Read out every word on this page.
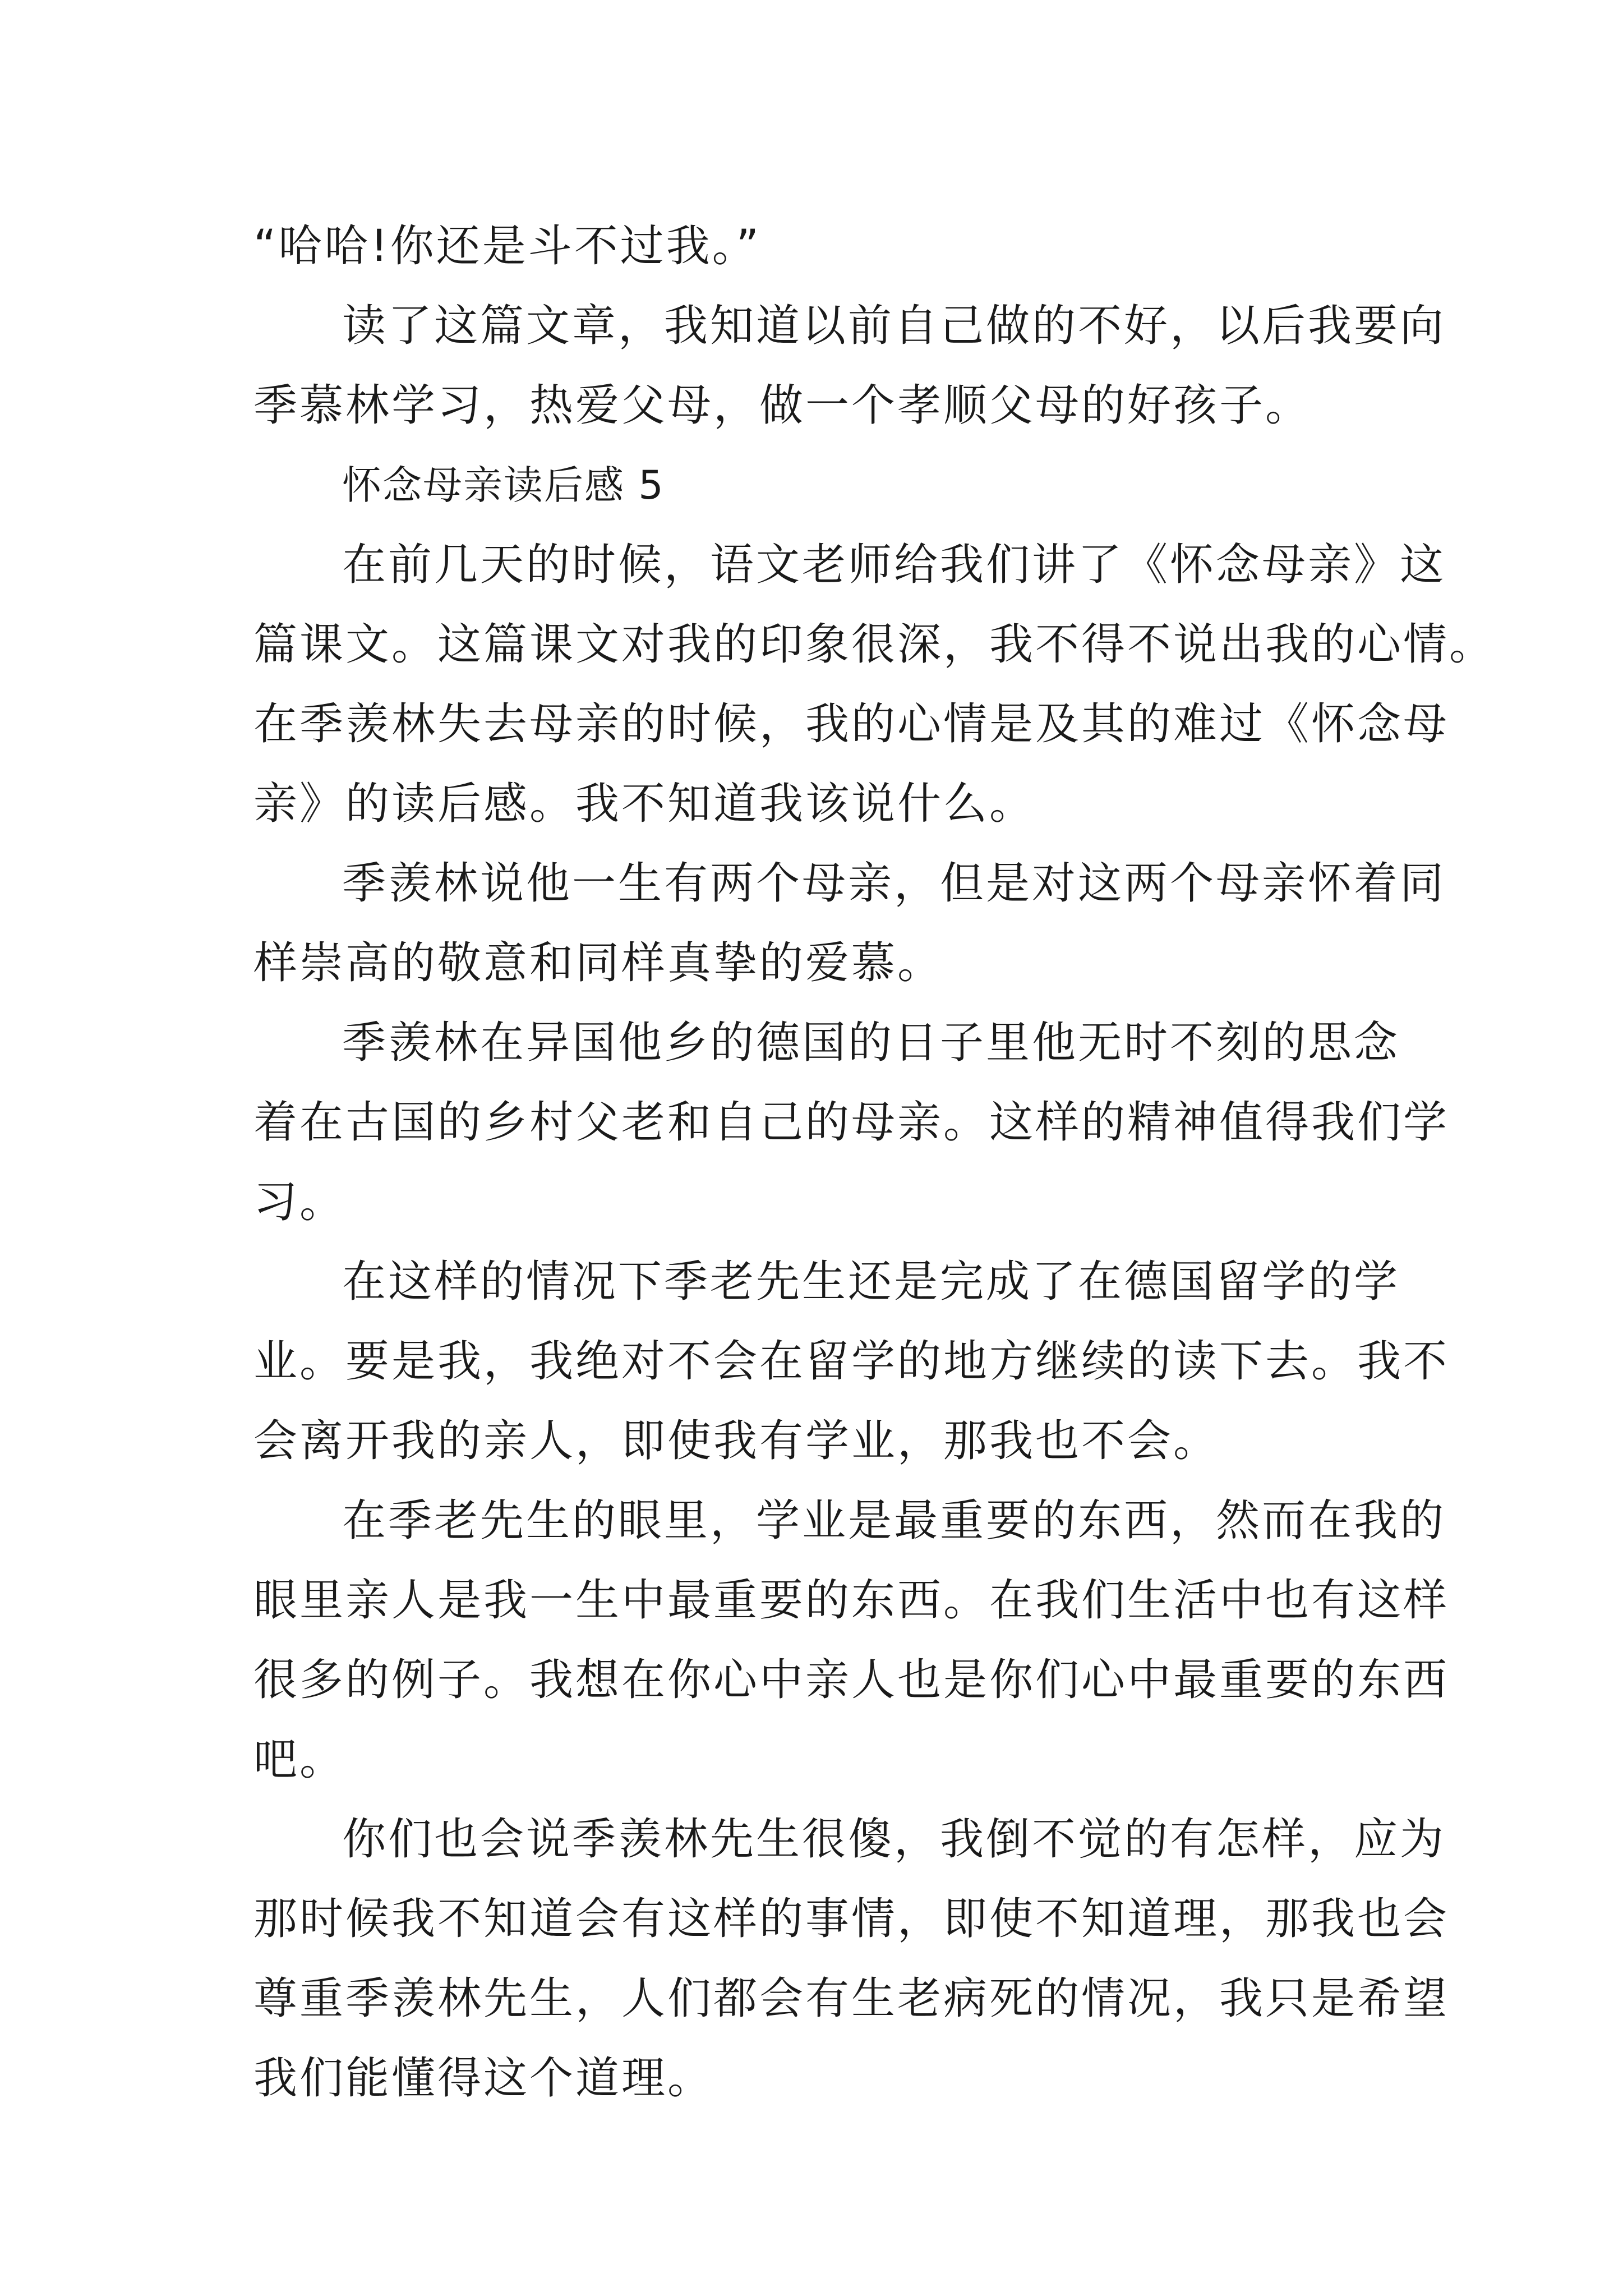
“哈哈!你还是斗不过我。”
读了这篇文章，我知道以前自己做的不好，以后我要向
季慕林学习，热爱父母，做一个孝顺父母的好孩子。
怀念母亲读后感 5
在前几天的时候，语文老师给我们讲了《怀念母亲》这
篇课文。这篇课文对我的印象很深，我不得不说出我的心情。
在季羡林失去母亲的时候，我的心情是及其的难过《怀念母
亲》的读后感。我不知道我该说什么。
季羡林说他一生有两个母亲，但是对这两个母亲怀着同
样崇高的敬意和同样真挚的爱慕。
季羡林在异国他乡的德国的日子里他无时不刻的思念
着在古国的乡村父老和自己的母亲。这样的精神值得我们学
习。
在这样的情况下季老先生还是完成了在德国留学的学
业。要是我，我绝对不会在留学的地方继续的读下去。我不
会离开我的亲人，即使我有学业，那我也不会。
在季老先生的眼里，学业是最重要的东西，然而在我的
眼里亲人是我一生中最重要的东西。在我们生活中也有这样
很多的例子。我想在你心中亲人也是你们心中最重要的东西
吧。
你们也会说季羡林先生很傻，我倒不觉的有怎样，应为
那时候我不知道会有这样的事情，即使不知道理，那我也会
尊重季羡林先生，人们都会有生老病死的情况，我只是希望
我们能懂得这个道理。
